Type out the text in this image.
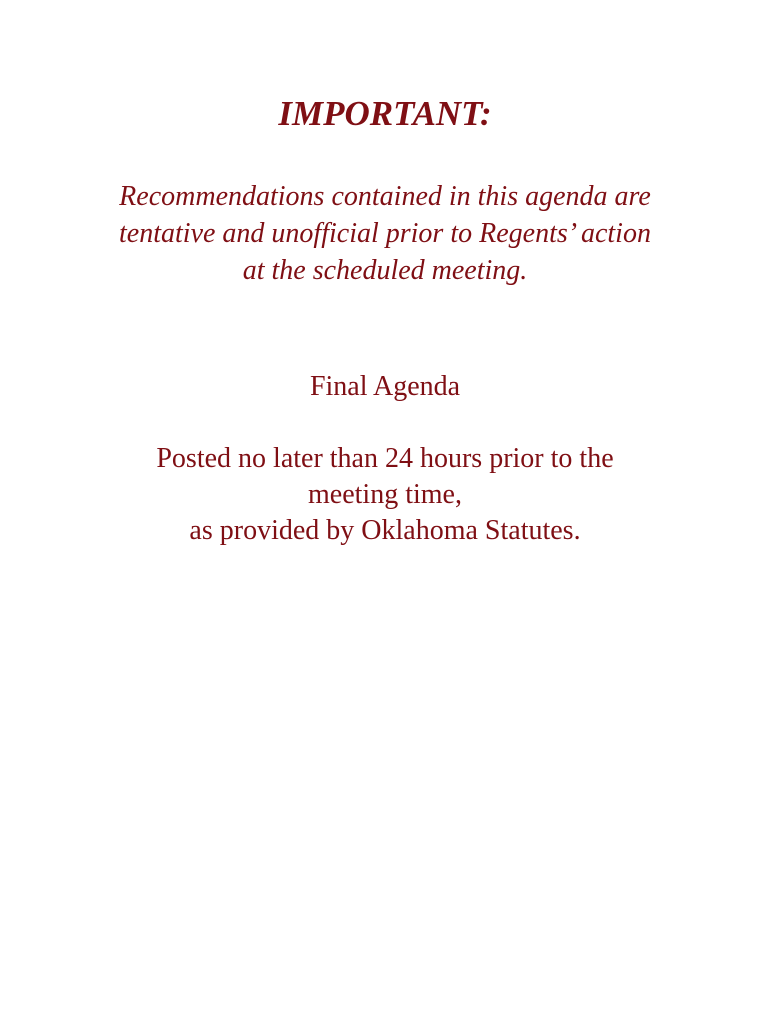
IMPORTANT:
Recommendations contained in this agenda are
tentative and unofficial prior to Regents’ action
at the scheduled meeting.
Final Agenda
Posted no later than 24 hours prior to the
meeting time,
as provided by Oklahoma Statutes.
